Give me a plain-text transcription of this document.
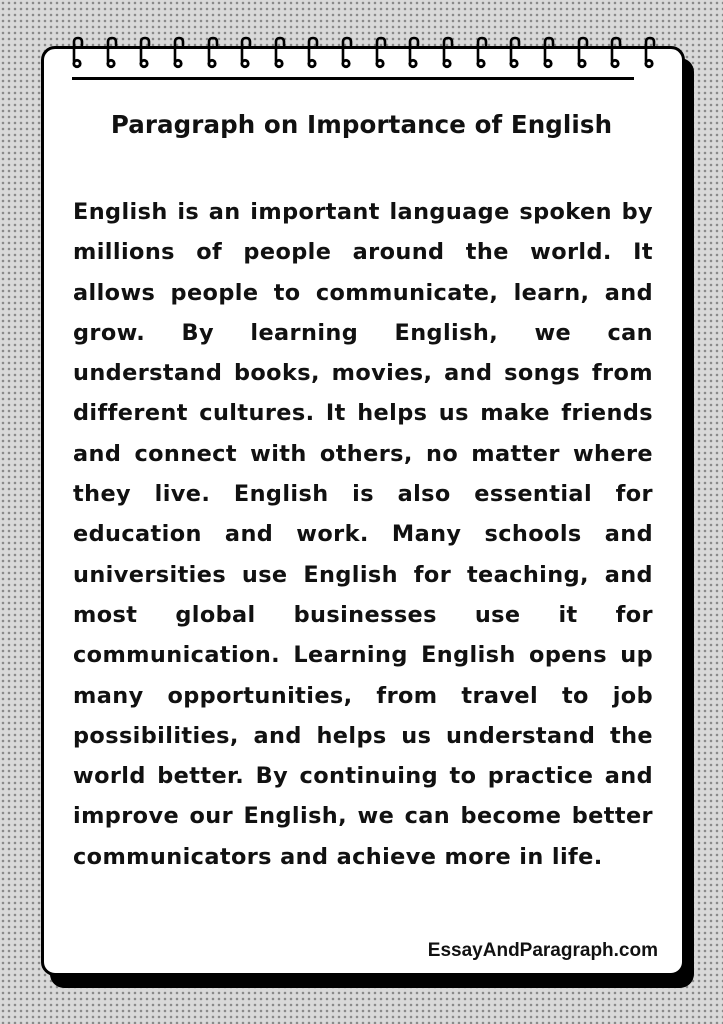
Paragraph on Importance of English

English is an important language spoken by millions of people around the world. It allows people to communicate, learn, and grow. By learning English, we can understand books, movies, and songs from different cultures. It helps us make friends and connect with others, no matter where they live. English is also essential for education and work. Many schools and universities use English for teaching, and most global businesses use it for communication. Learning English opens up many opportunities, from travel to job possibilities, and helps us understand the world better. By continuing to practice and improve our English, we can become better communicators and achieve more in life.

EssayAndParagraph.com
